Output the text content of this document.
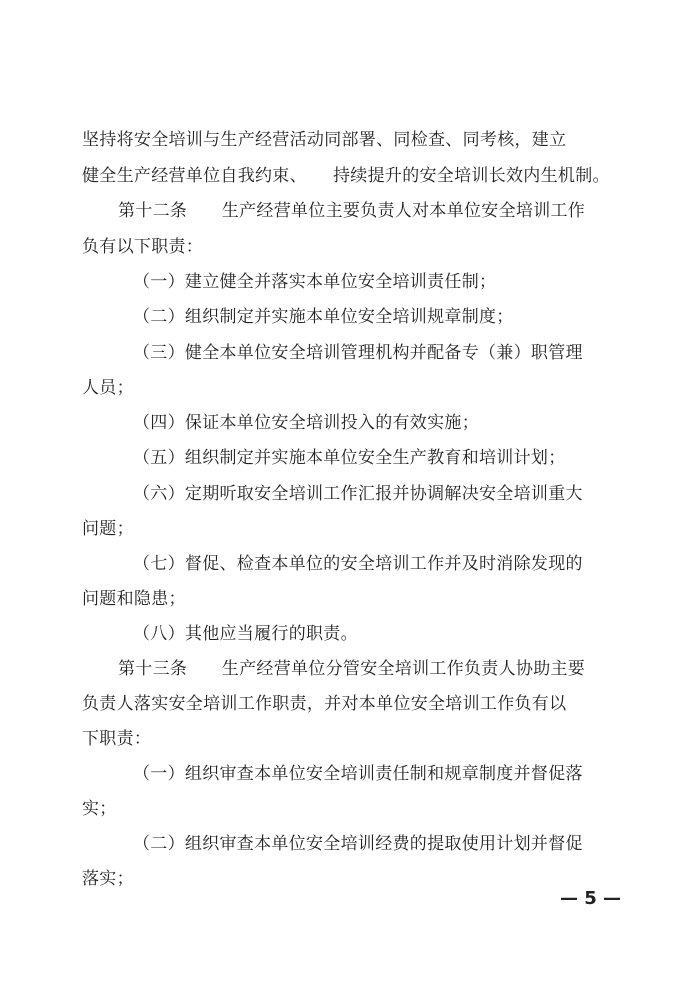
坚持将安全培训与生产经营活动同部署、同检查、同考核，建立
健全生产经营单位自我约束、　　持续提升的安全培训长效内生机制。
第十二条　　生产经营单位主要负责人对本单位安全培训工作
负有以下职责：
（一）建立健全并落实本单位安全培训责任制；
（二）组织制定并实施本单位安全培训规章制度；
（三）健全本单位安全培训管理机构并配备专（兼）职管理
人员；
（四）保证本单位安全培训投入的有效实施；
（五）组织制定并实施本单位安全生产教育和培训计划；
（六）定期听取安全培训工作汇报并协调解决安全培训重大
问题；
（七）督促、检查本单位的安全培训工作并及时消除发现的
问题和隐患；
（八）其他应当履行的职责。
第十三条　　生产经营单位分管安全培训工作负责人协助主要
负责人落实安全培训工作职责，并对本单位安全培训工作负有以
下职责：
（一）组织审查本单位安全培训责任制和规章制度并督促落
实；
（二）组织审查本单位安全培训经费的提取使用计划并督促
落实；
— 5 —
